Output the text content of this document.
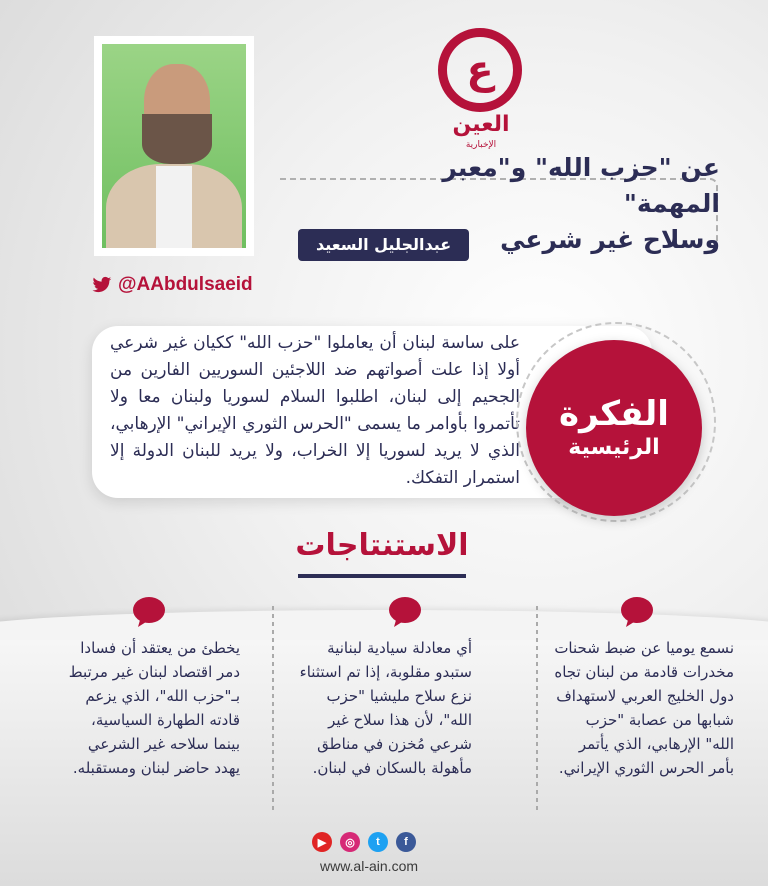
@AAbdulsaeid
ع
العين
الإخبارية
عن "حزب الله" و"معبر المهمة"
وسلاح غير شرعي
عبدالجليل السعيد
على ساسة لبنان أن يعاملوا "حزب الله" ككيان غير شرعي أولا إذا علت أصواتهم ضد اللاجئين السوريين الفارين من الجحيم إلى لبنان، اطلبوا السلام لسوريا ولبنان معا ولا تأتمروا بأوامر ما يسمى "الحرس الثوري الإيراني" الإرهابي، الذي لا يريد لسوريا إلا الخراب، ولا يريد للبنان الدولة إلا استمرار التفكك.
الفكرة
الرئيسية
الاستنتاجات
نسمع يوميا عن ضبط شحنات مخدرات قادمة من لبنان تجاه دول الخليج العربي لاستهداف شبابها من عصابة "حزب الله" الإرهابي، الذي يأتمر بأمر الحرس الثوري الإيراني.
أي معادلة سيادية لبنانية ستبدو مقلوبة، إذا تم استثناء نزع سلاح مليشيا "حزب الله"، لأن هذا سلاح غير شرعي مُخزن في مناطق مأهولة بالسكان في لبنان.
يخطئ من يعتقد أن فسادا دمر اقتصاد لبنان غير مرتبط بـ"حزب الله"، الذي يزعم قادته الطهارة السياسية، بينما سلاحه غير الشرعي يهدد حاضر لبنان ومستقبله.
▶	◎	t	f
www.al-ain.com
